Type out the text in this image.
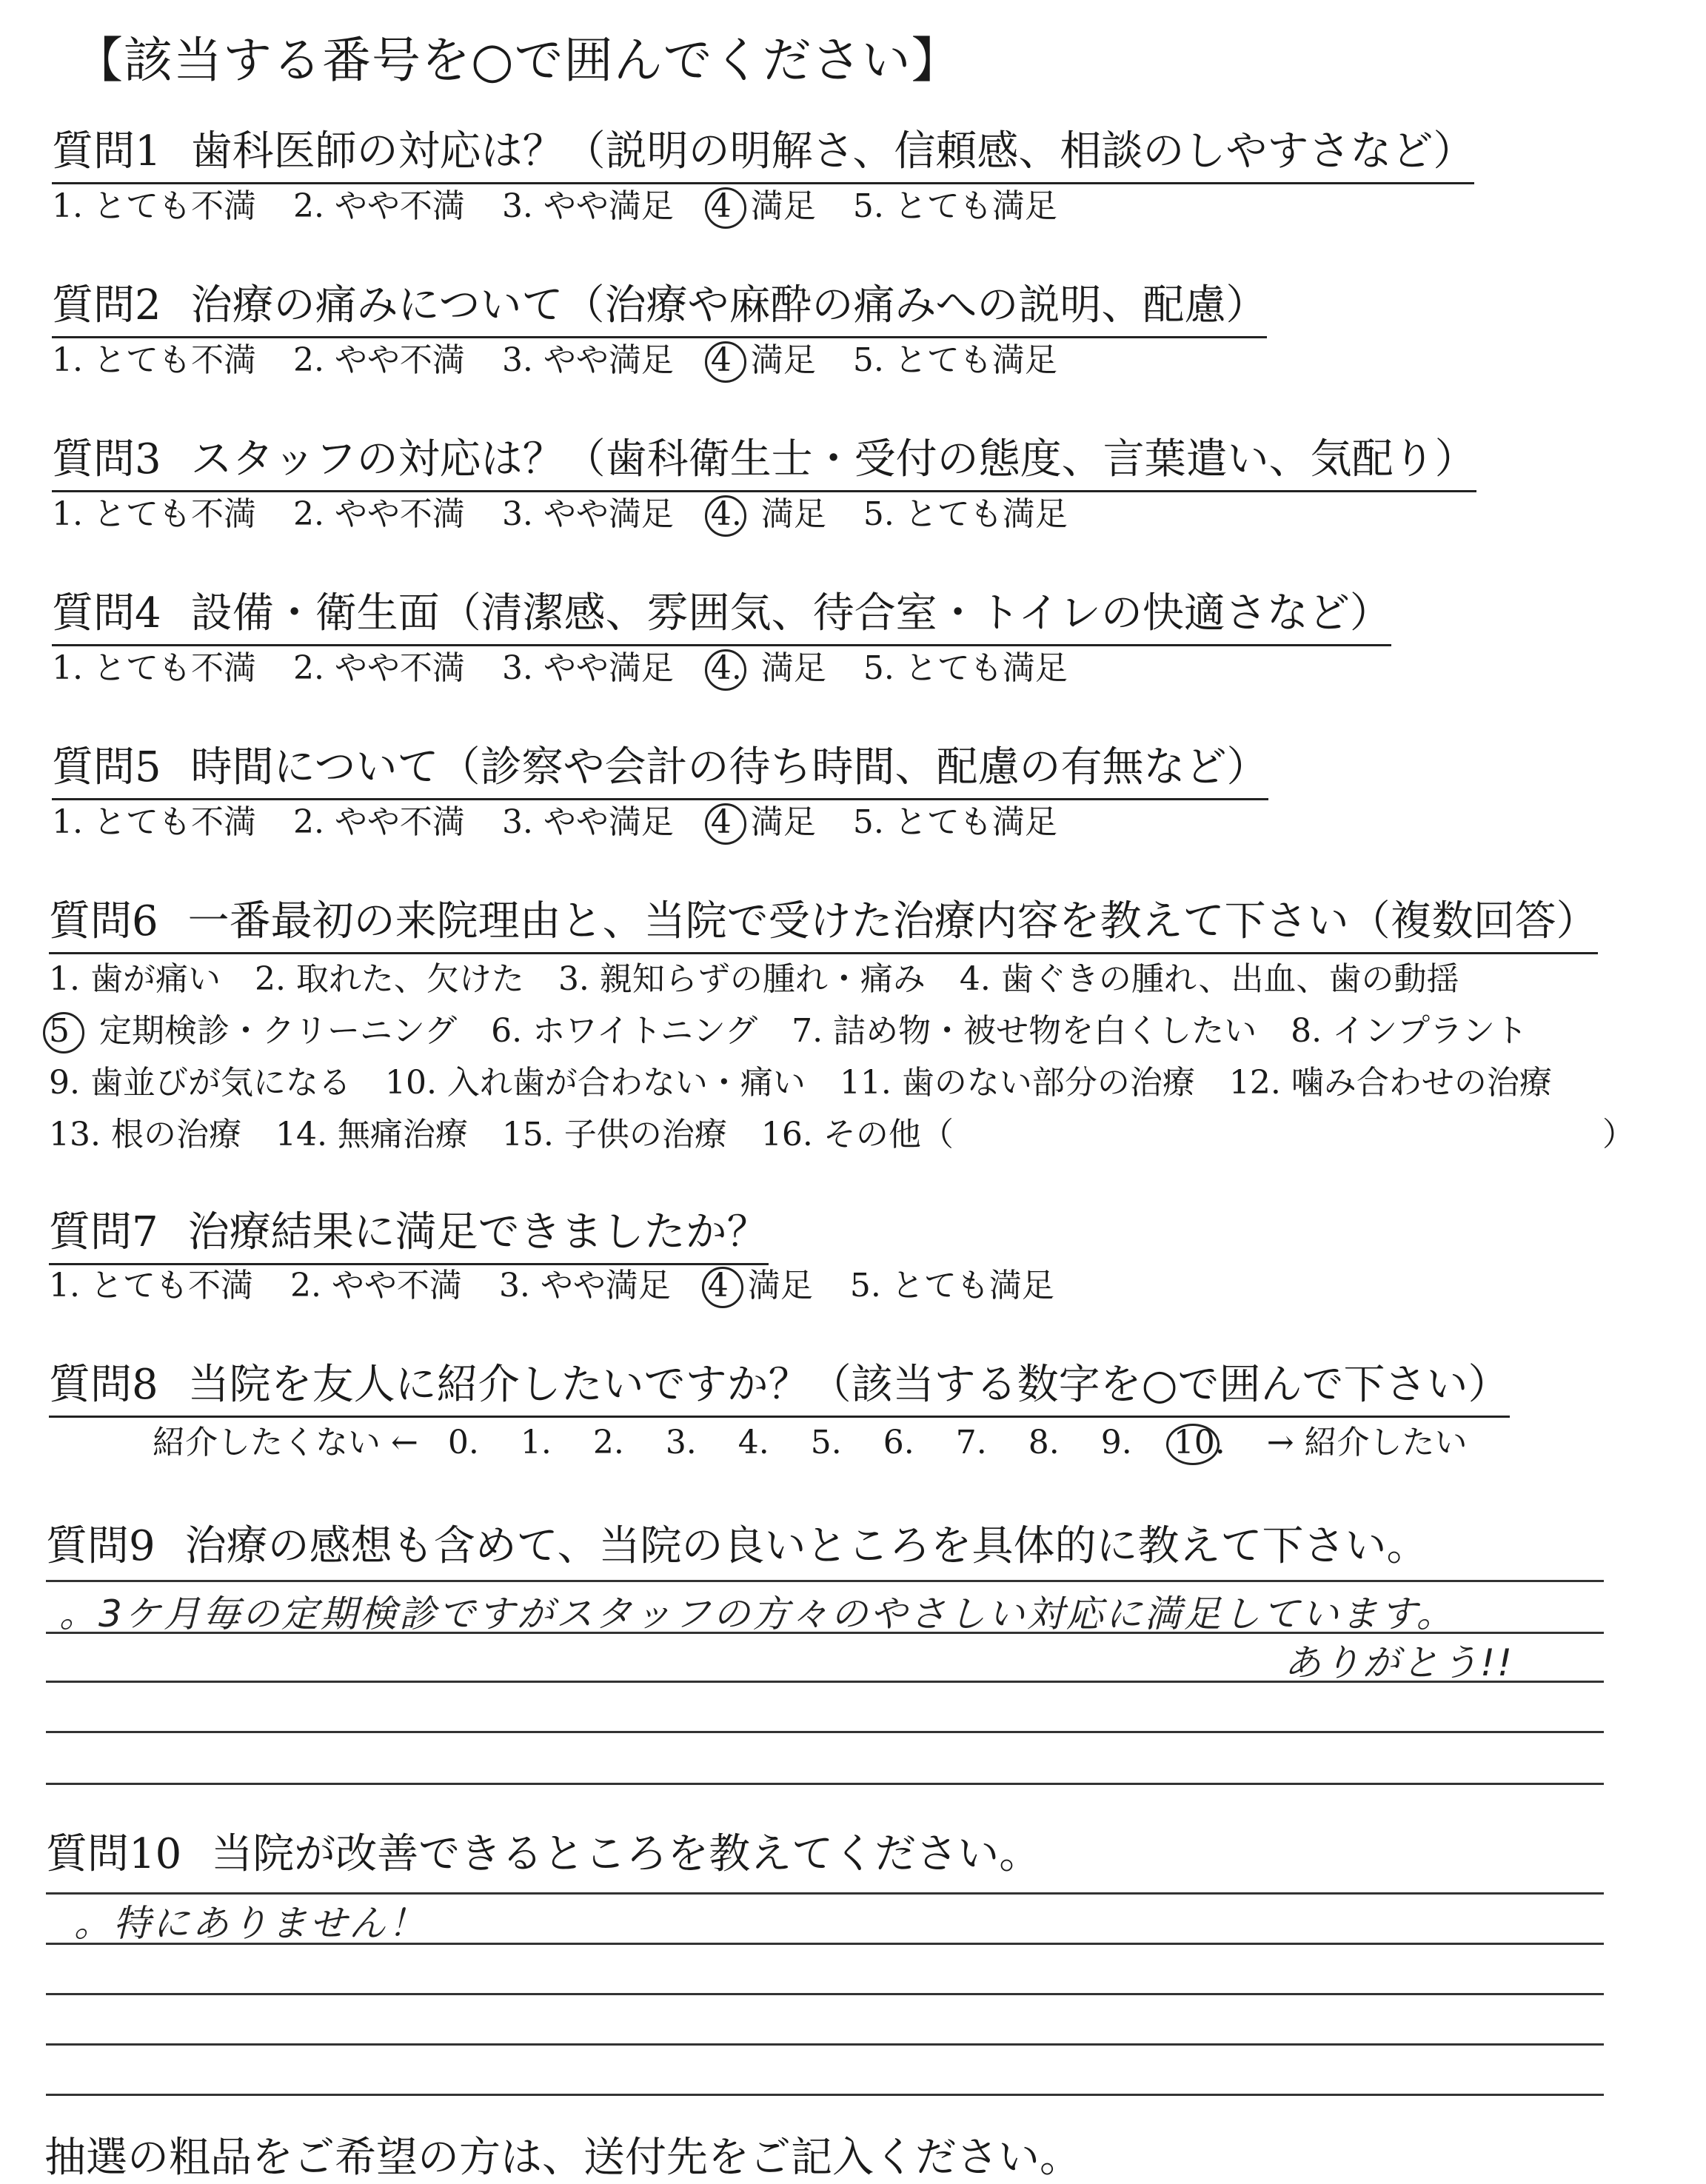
【該当する番号を○で囲んでください】
質問1 歯科医師の対応は？（説明の明解さ、信頼感、相談のしやすさなど）
1. とても不満 2. やや不満 3. やや満足 4 満足 5. とても満足
質問2 治療の痛みについて（治療や麻酔の痛みへの説明、配慮）
1. とても不満 2. やや不満 3. やや満足 4 満足 5. とても満足
質問3 スタッフの対応は？（歯科衛生士・受付の態度、言葉遣い、気配り）
1. とても不満 2. やや不満 3. やや満足 4. 満足 5. とても満足
質問4 設備・衛生面（清潔感、雰囲気、待合室・トイレの快適さなど）
1. とても不満 2. やや不満 3. やや満足 4. 満足 5. とても満足
質問5 時間について（診察や会計の待ち時間、配慮の有無など）
1. とても不満 2. やや不満 3. やや満足 4 満足 5. とても満足
質問6 一番最初の来院理由と、当院で受けた治療内容を教えて下さい（複数回答）
1. 歯が痛い 2. 取れた、欠けた 3. 親知らずの腫れ・痛み 4. 歯ぐきの腫れ、出血、歯の動揺
5 定期検診・クリーニング 6. ホワイトニング 7. 詰め物・被せ物を白くしたい 8. インプラント
9. 歯並びが気になる 10. 入れ歯が合わない・痛い 11. 歯のない部分の治療 12. 噛み合わせの治療
13. 根の治療 14. 無痛治療 15. 子供の治療 16. その他（	）
質問7 治療結果に満足できましたか？
1. とても不満 2. やや不満 3. やや満足 4 満足 5. とても満足
質問8 当院を友人に紹介したいですか？（該当する数字を○で囲んで下さい）
紹介したくない ← 0. 1. 2. 3. 4. 5. 6. 7. 8. 9. 10. → 紹介したい
質問9 治療の感想も含めて、当院の良いところを具体的に教えて下さい。
。3ケ月毎の定期検診ですがスタッフの方々のやさしい対応に満足しています。
ありがとう!!
質問10 当院が改善できるところを教えてください。
。特にありません！
抽選の粗品をご希望の方は、送付先をご記入ください。
